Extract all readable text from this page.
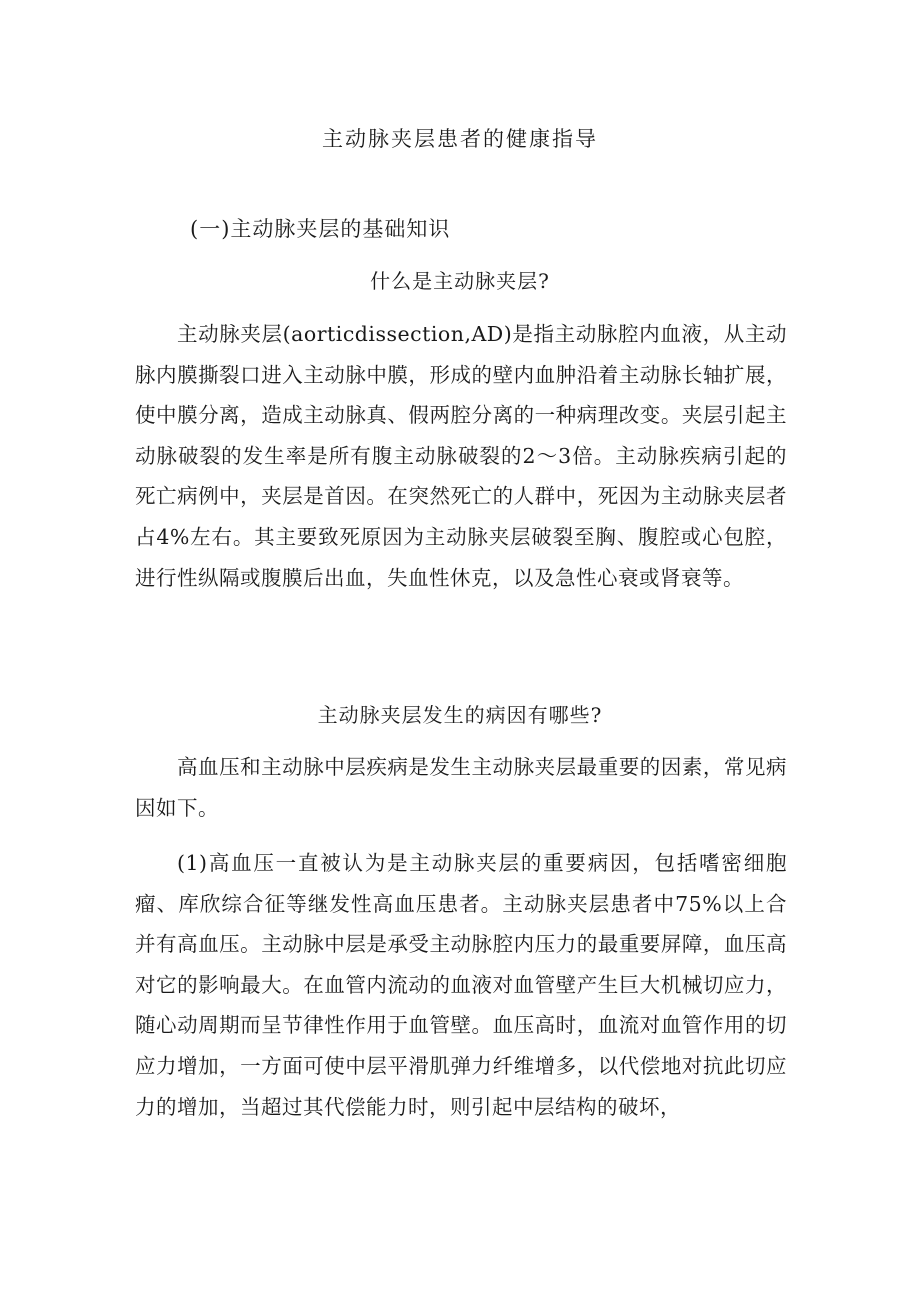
主动脉夹层患者的健康指导
(一)主动脉夹层的基础知识
什么是主动脉夹层?

主动脉夹层(aorticdissection,AD)是指主动脉腔内血液，从主动脉内膜撕裂口进入主动脉中膜，形成的壁内血肿沿着主动脉长轴扩展，使中膜分离，造成主动脉真、假两腔分离的一种病理改变。夹层引起主动脉破裂的发生率是所有腹主动脉破裂的2～3倍。主动脉疾病引起的死亡病例中，夹层是首因。在突然死亡的人群中，死因为主动脉夹层者占4%左右。其主要致死原因为主动脉夹层破裂至胸、腹腔或心包腔，进行性纵隔或腹膜后出血，失血性休克，以及急性心衰或肾衰等。

主动脉夹层发生的病因有哪些?

高血压和主动脉中层疾病是发生主动脉夹层最重要的因素，常见病因如下。

(1)高血压一直被认为是主动脉夹层的重要病因，包括嗜密细胞瘤、库欣综合征等继发性高血压患者。主动脉夹层患者中75%以上合并有高血压。主动脉中层是承受主动脉腔内压力的最重要屏障，血压高对它的影响最大。在血管内流动的血液对血管壁产生巨大机械切应力，随心动周期而呈节律性作用于血管壁。血压高时，血流对血管作用的切应力增加，一方面可使中层平滑肌弹力纤维增多，以代偿地对抗此切应力的增加，当超过其代偿能力时，则引起中层结构的破坏，
